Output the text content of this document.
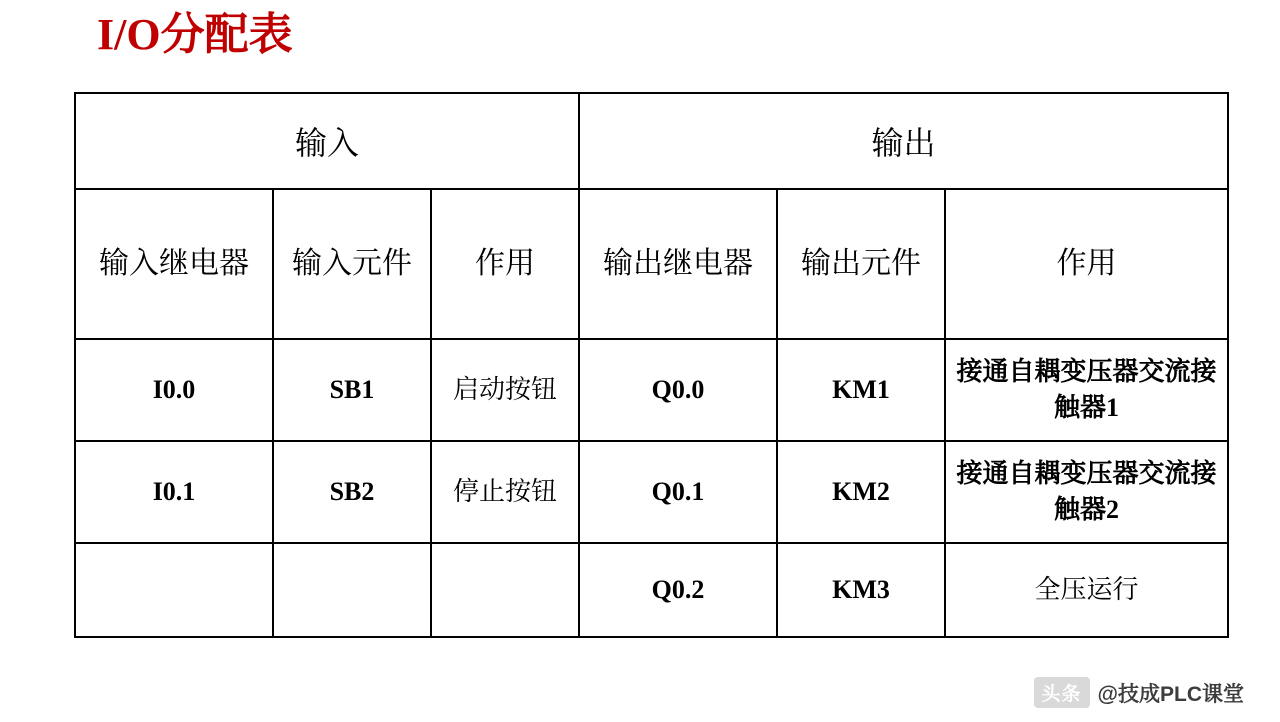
I/O分配表
输入			输出		
输入继电器	输入元件	作用	输出继电器	输出元件	作用
I0.0	SB1	启动按钮	Q0.0	KM1	接通自耦变压器交流接触器1
I0.1	SB2	停止按钮	Q0.1	KM2	接通自耦变压器交流接触器2
			Q0.2	KM3	全压运行
头条 @技成PLC课堂
